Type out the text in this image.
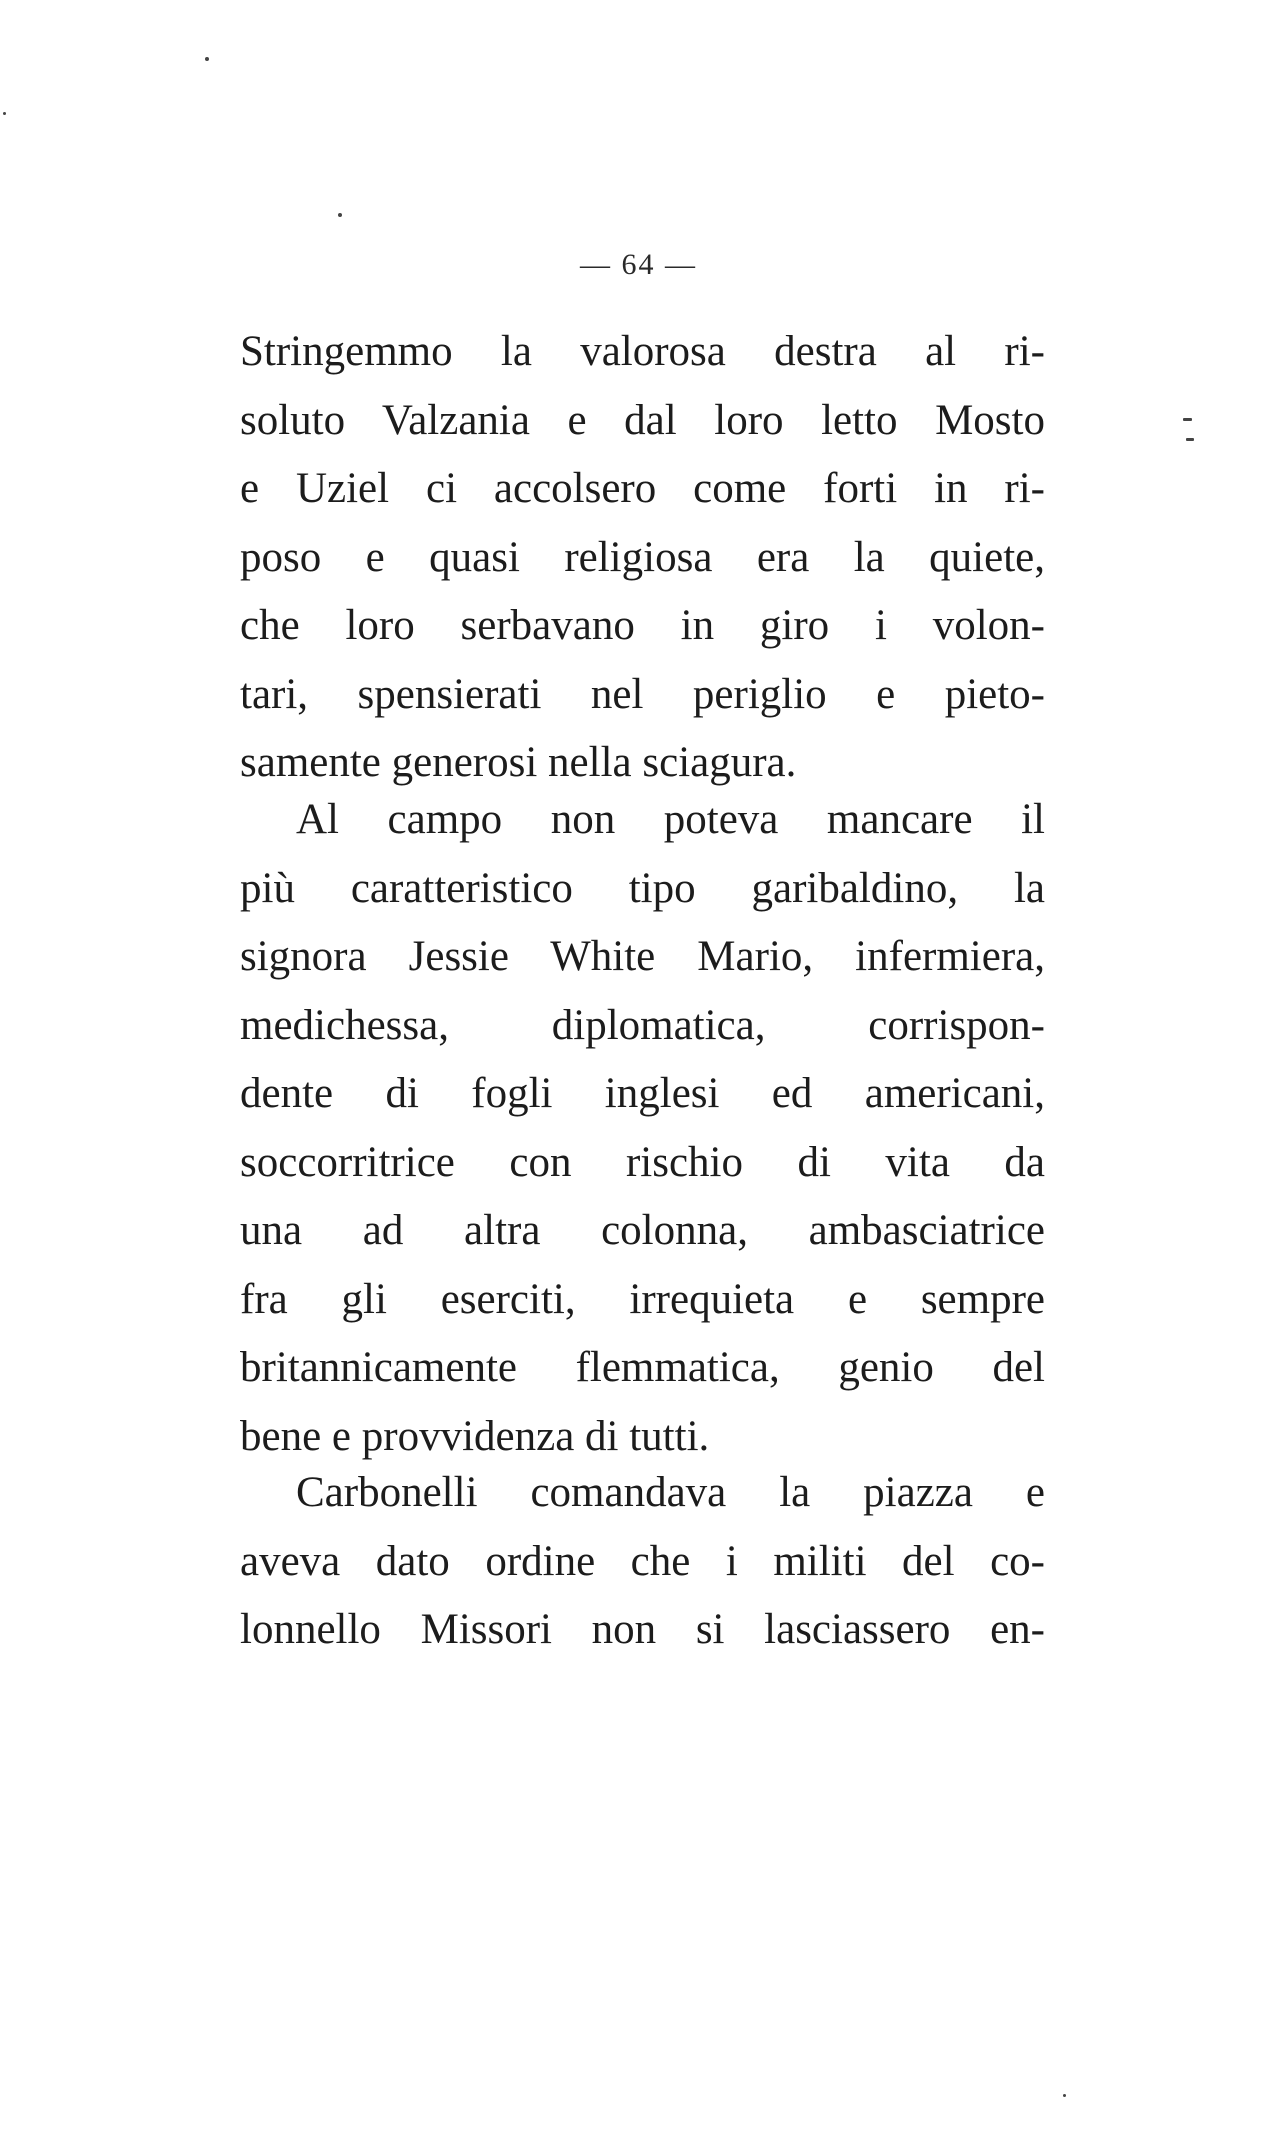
— 64 —
Stringemmo la valorosa destra al ri-
soluto Valzania e dal loro letto Mosto
e Uziel ci accolsero come forti in ri-
poso e quasi religiosa era la quiete,
che loro serbavano in giro i volon-
tari, spensierati nel periglio e pieto-
samente generosi nella sciagura.
Al campo non poteva mancare il
più caratteristico tipo garibaldino, la
signora Jessie White Mario, infermiera,
medichessa, diplomatica, corrispon-
dente di fogli inglesi ed americani,
soccorritrice con rischio di vita da
una ad altra colonna, ambasciatrice
fra gli eserciti, irrequieta e sempre
britannicamente flemmatica, genio del
bene e provvidenza di tutti.
Carbonelli comandava la piazza e
aveva dato ordine che i militi del co-
lonnello Missori non si lasciassero en-
